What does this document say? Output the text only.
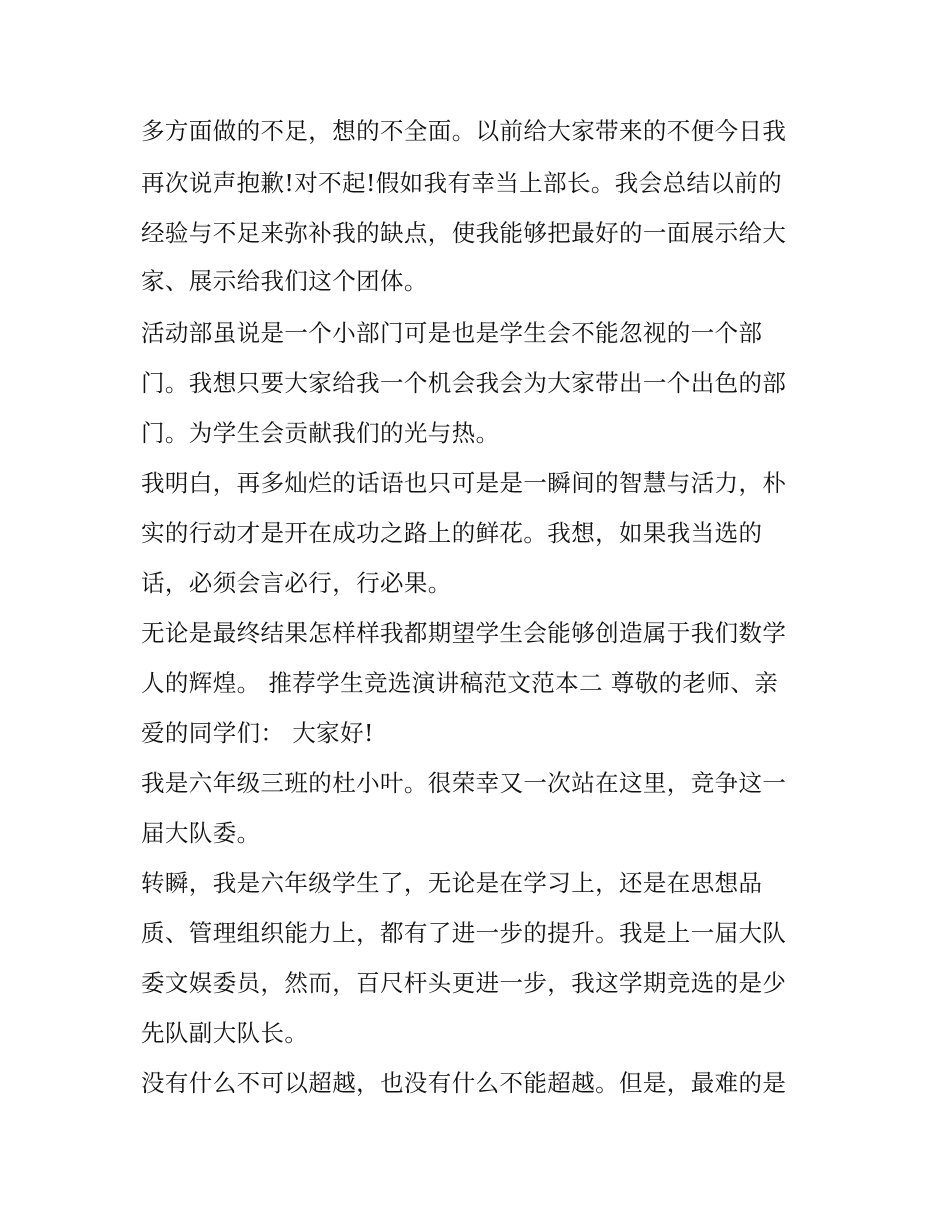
多方面做的不足，想的不全面。以前给大家带来的不便今日我

再次说声抱歉!对不起!假如我有幸当上部长。我会总结以前的

经验与不足来弥补我的缺点，使我能够把最好的一面展示给大

家、展示给我们这个团体。

活动部虽说是一个小部门可是也是学生会不能忽视的一个部

门。我想只要大家给我一个机会我会为大家带出一个出色的部

门。为学生会贡献我们的光与热。

我明白，再多灿烂的话语也只可是是一瞬间的智慧与活力，朴

实的行动才是开在成功之路上的鲜花。我想，如果我当选的

话，必须会言必行，行必果。

无论是最终结果怎样样我都期望学生会能够创造属于我们数学

人的辉煌。 推荐学生竞选演讲稿范文范本二 尊敬的老师、亲

爱的同学们： 大家好!

我是六年级三班的杜小叶。很荣幸又一次站在这里，竞争这一

届大队委。

转瞬，我是六年级学生了，无论是在学习上，还是在思想品

质、管理组织能力上，都有了进一步的提升。我是上一届大队

委文娱委员，然而，百尺杆头更进一步，我这学期竞选的是少

先队副大队长。

没有什么不可以超越，也没有什么不能超越。但是，最难的是
